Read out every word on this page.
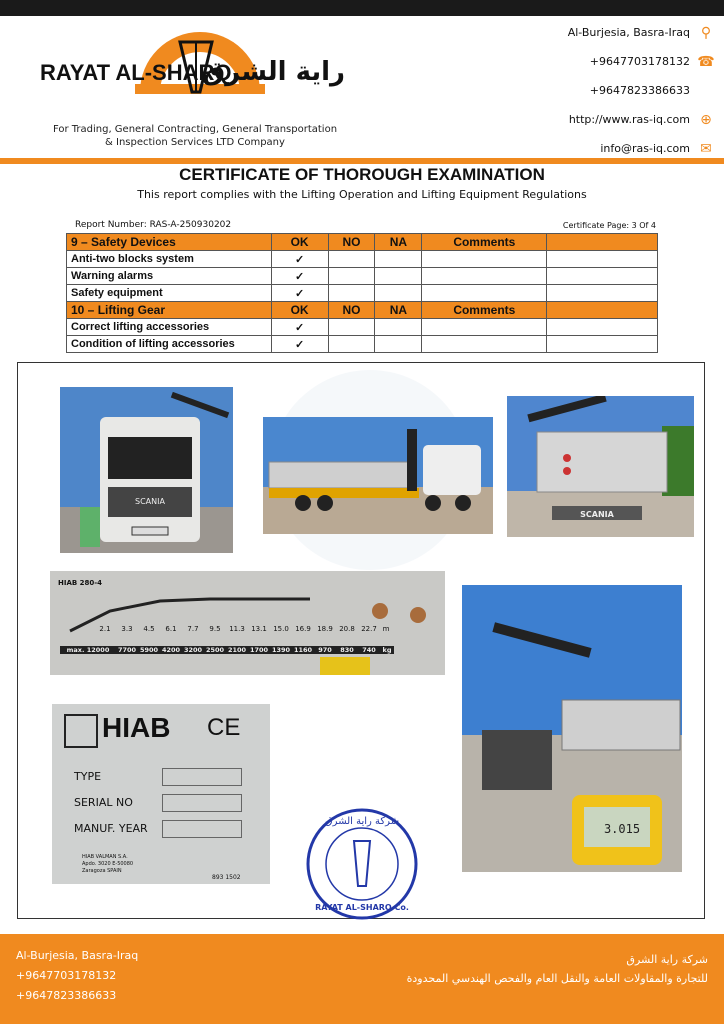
RAYAT AL-SHARQ
راية الشرق
For Trading, General Contracting, General Transportation
& Inspection Services LTD Company
Al-Burjesia, Basra-Iraq ⚲
+9647703178132 ☎
+9647823386633
http://www.ras-iq.com ⊕
info@ras-iq.com ✉
CERTIFICATE OF THOROUGH EXAMINATION
This report complies with the Lifting Operation and Lifting Equipment Regulations
Report Number: RAS-A-250930202	Certificate Page: 3 Of 4
9 – Safety Devices	OK	NO	NA	Comments	
Anti-two blocks system	✓				
Warning alarms	✓				
Safety equipment	✓				
10 – Lifting Gear	OK	NO	NA	Comments	
Correct lifting accessories	✓				
Condition of lifting accessories	✓				
SCANIA
SCANIA
HIAB 280-4
2.1	3.3	4.5	6.1	7.7	9.5	11.3 13.1 15.0 16.9 18.9 20.8 22.7 m
max. 12000	7700 5900 4200 3200 2500 2100 1700 1390 1160 970	830	740	kg
3.015
HIAB CE
TYPE
SERIAL NO
MANUF. YEAR
HIAB VALMAN S.A.
Apdo. 3020 E-50080
Zaragoza SPAIN
893 1502
شركة راية الشرق
RAYAT AL-SHARQ Co.
Al-Burjesia, Basra-Iraq
+9647703178132
+9647823386633
شركة راية الشرق
للتجارة والمقاولات العامة والنقل العام والفحص الهندسي المحدودة
